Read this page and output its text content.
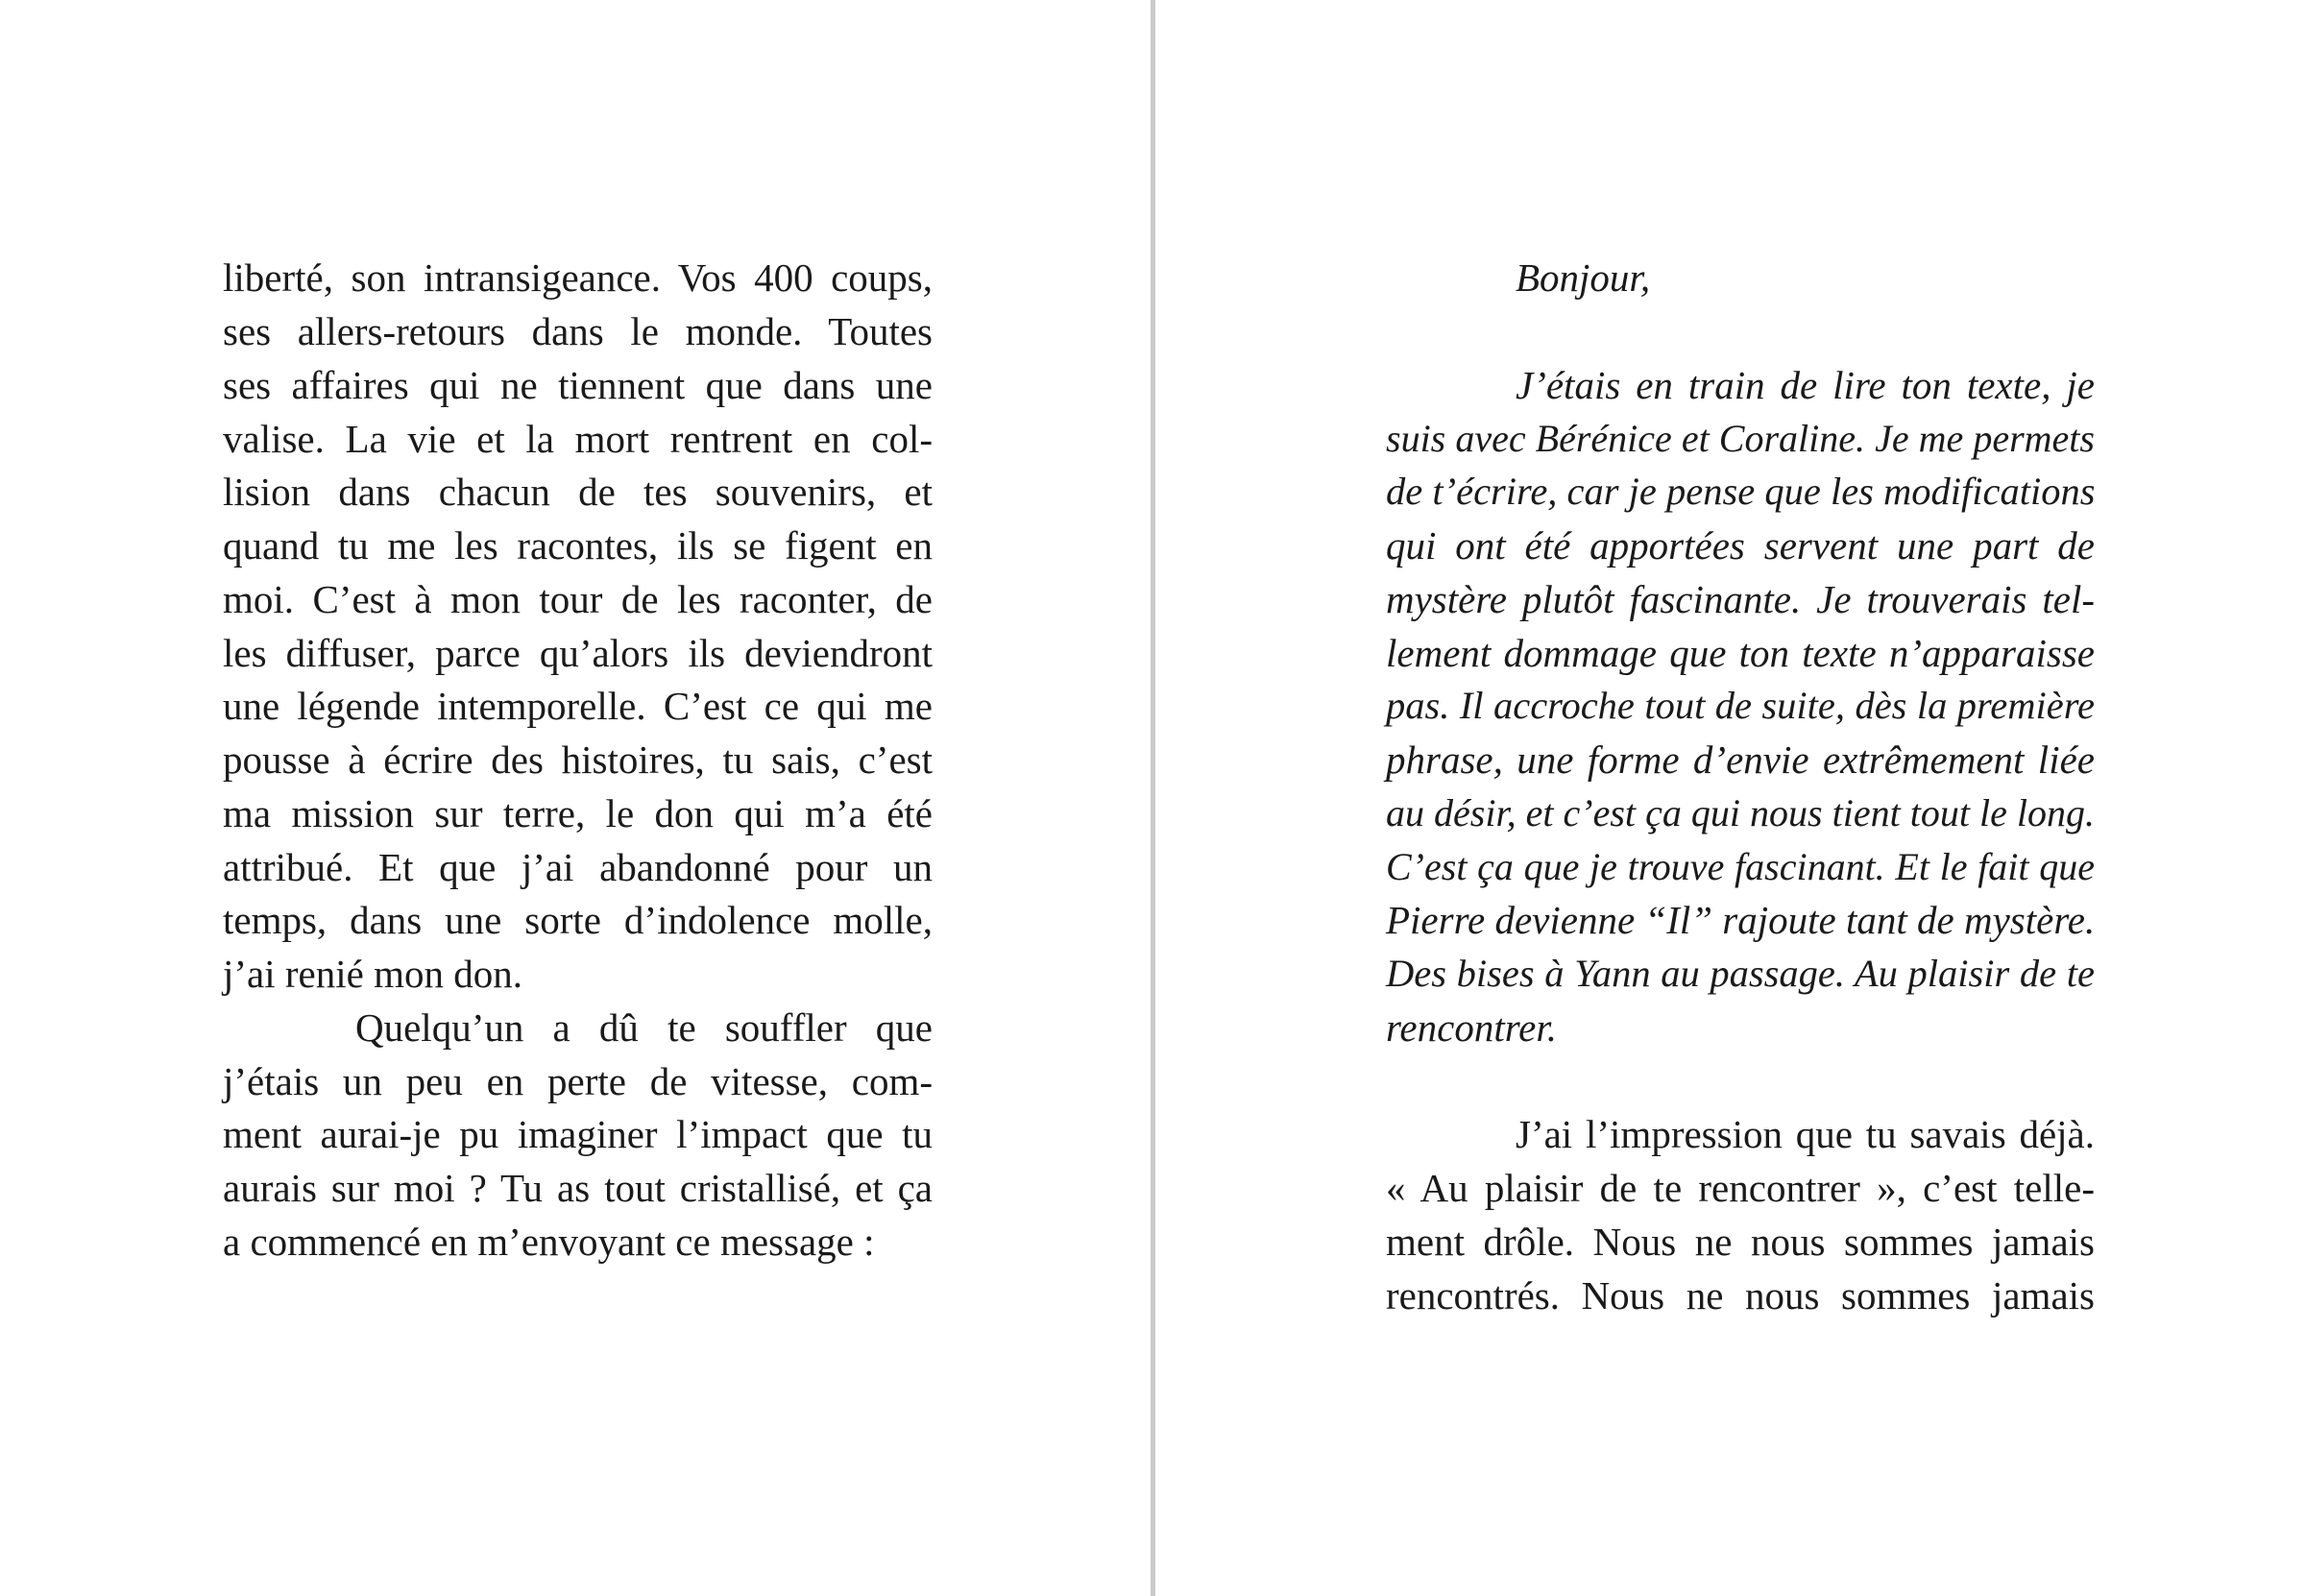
liberté, son intransigeance. Vos 400 coups,
ses allers-retours dans le monde. Toutes
ses affaires qui ne tiennent que dans une
valise. La vie et la mort rentrent en col-
lision dans chacun de tes souvenirs, et
quand tu me les racontes, ils se figent en
moi. C’est à mon tour de les raconter, de
les diffuser, parce qu’alors ils deviendront
une légende intemporelle. C’est ce qui me
pousse à écrire des histoires, tu sais, c’est
ma mission sur terre, le don qui m’a été
attribué. Et que j’ai abandonné pour un
temps, dans une sorte d’indolence molle,
j’ai renié mon don.
Quelqu’un a dû te souffler que
j’étais un peu en perte de vitesse, com-
ment aurai-je pu imaginer l’impact que tu
aurais sur moi ? Tu as tout cristallisé, et ça
a commencé en m’envoyant ce message :
Bonjour,
J’étais en train de lire ton texte, je
suis avec Bérénice et Coraline. Je me permets
de t’écrire, car je pense que les modifications
qui ont été apportées servent une part de
mystère plutôt fascinante. Je trouverais tel-
lement dommage que ton texte n’apparaisse
pas. Il accroche tout de suite, dès la première
phrase, une forme d’envie extrêmement liée
au désir, et c’est ça qui nous tient tout le long.
C’est ça que je trouve fascinant. Et le fait que
Pierre devienne “Il” rajoute tant de mystère.
Des bises à Yann au passage. Au plaisir de te
rencontrer.
J’ai l’impression que tu savais déjà.
« Au plaisir de te rencontrer », c’est telle-
ment drôle. Nous ne nous sommes jamais
rencontrés. Nous ne nous sommes jamais
